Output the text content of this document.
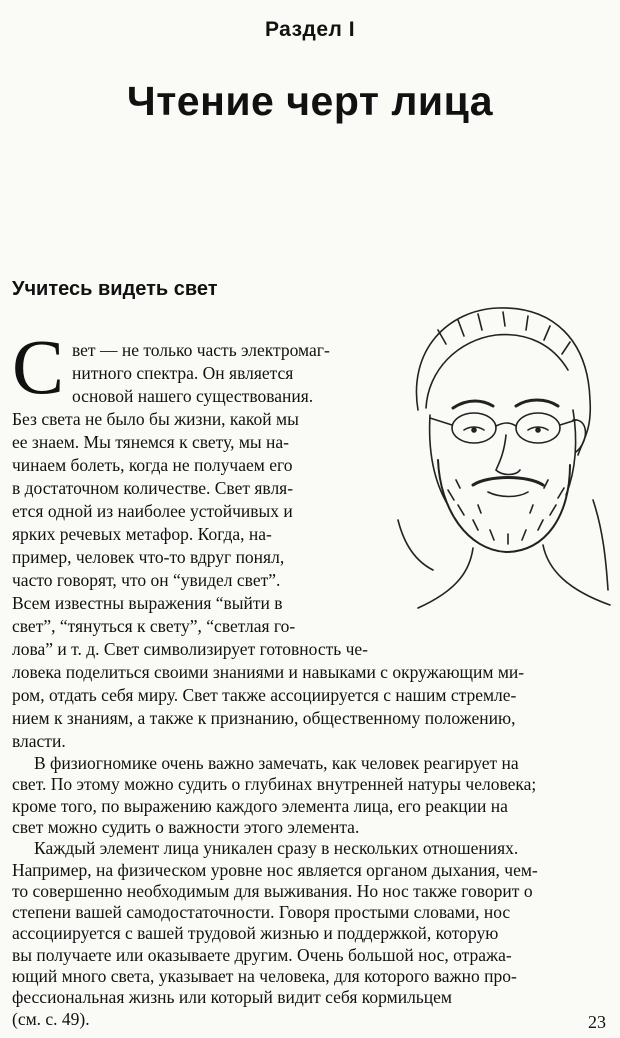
Раздел I
Чтение черт лица
Учитесь видеть свет
С вет — не только часть электромаг-
нитного спектра. Он является
основой нашего существования.
Без света не было бы жизни, какой мы
ее знаем. Мы тянемся к свету, мы на-
чинаем болеть, когда не получаем его
в достаточном количестве. Свет явля-
ется одной из наиболее устойчивых и
ярких речевых метафор. Когда, на-
пример, человек что-то вдруг понял,
часто говорят, что он “увидел свет”.
Всем известны выражения “выйти в
свет”, “тянуться к свету”, “светлая го-
лова” и т. д. Свет символизирует готовность че-
ловека поделиться своими знаниями и навыками с окружающим ми-
ром, отдать себя миру. Свет также ассоциируется с нашим стремле-
нием к знаниям, а также к признанию, общественному положению,
власти.
В физиогномике очень важно замечать, как человек реагирует на
свет. По этому можно судить о глубинах внутренней натуры человека;
кроме того, по выражению каждого элемента лица, его реакции на
свет можно судить о важности этого элемента.
Каждый элемент лица уникален сразу в нескольких отношениях.
Например, на физическом уровне нос является органом дыхания, чем-
то совершенно необходимым для выживания. Но нос также говорит о
степени вашей самодостаточности. Говоря простыми словами, нос
ассоциируется с вашей трудовой жизнью и поддержкой, которую
вы получаете или оказываете другим. Очень большой нос, отража-
ющий много света, указывает на человека, для которого важно про-
фессиональная жизнь или который видит себя кормильцем
23
(см. с. 49).
